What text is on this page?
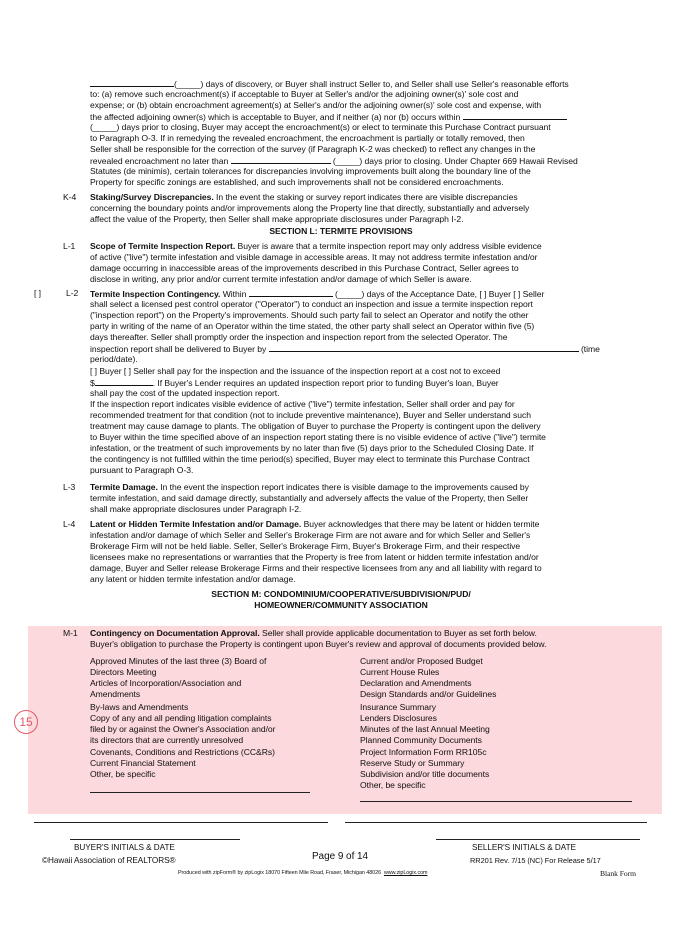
(_____) days of discovery, or Buyer shall instruct Seller to, and Seller shall use Seller's reasonable efforts
to: (a) remove such encroachment(s) if acceptable to Buyer at Seller's and/or the adjoining owner(s)' sole cost and
expense; or (b) obtain encroachment agreement(s) at Seller's and/or the adjoining owner(s)' sole cost and expense, with
the affected adjoining owner(s) which is acceptable to Buyer, and if neither (a) nor (b) occurs within
(_____) days prior to closing, Buyer may accept the encroachment(s) or elect to terminate this Purchase Contract pursuant
to Paragraph O-3. If in remedying the revealed encroachment, the encroachment is partially or totally removed, then
Seller shall be responsible for the correction of the survey (if Paragraph K-2 was checked) to reflect any changes in the
revealed encroachment no later than	(_____) days prior to closing. Under Chapter 669 Hawaii Revised
Statutes (de minimis), certain tolerances for discrepancies involving improvements built along the boundary line of the
Property for specific zonings are established, and such improvements shall not be considered encroachments.
K-4 Staking/Survey Discrepancies. In the event the staking or survey report indicates there are visible discrepancies
concerning the boundary points and/or improvements along the Property line that directly, substantially and adversely
affect the value of the Property, then Seller shall make appropriate disclosures under Paragraph I-2.
SECTION L: TERMITE PROVISIONS
L-1 Scope of Termite Inspection Report. Buyer is aware that a termite inspection report may only address visible evidence
of active ("live") termite infestation and visible damage in accessible areas. It may not address termite infestation and/or
damage occurring in inaccessible areas of the improvements described in this Purchase Contract, Seller agrees to
disclose in writing, any prior and/or current termite infestation and/or damage of which Seller is aware.
[ ]	L-2 Termite Inspection Contingency. Within	(_____) days of the Acceptance Date, [ ] Buyer [ ] Seller
shall select a licensed pest control operator ("Operator") to conduct an inspection and issue a termite inspection report
("inspection report") on the Property's improvements. Should such party fail to select an Operator and notify the other
party in writing of the name of an Operator within the time stated, the other party shall select an Operator within five (5)
days thereafter. Seller shall promptly order the inspection and inspection report from the selected Operator. The
inspection report shall be delivered to Buyer by	(time
period/date).
[ ] Buyer [ ] Seller shall pay for the inspection and the issuance of the inspection report at a cost not to exceed
$	. If Buyer's Lender requires an updated inspection report prior to funding Buyer's loan, Buyer
shall pay the cost of the updated inspection report.
If the inspection report indicates visible evidence of active ("live") termite infestation, Seller shall order and pay for
recommended treatment for that condition (not to include preventive maintenance), Buyer and Seller understand such
treatment may cause damage to plants. The obligation of Buyer to purchase the Property is contingent upon the delivery
to Buyer within the time specified above of an inspection report stating there is no visible evidence of active ("live") termite
infestation, or the treatment of such improvements by no later than five (5) days prior to the Scheduled Closing Date. If
the contingency is not fulfilled within the time period(s) specified, Buyer may elect to terminate this Purchase Contract
pursuant to Paragraph O-3.
L-3 Termite Damage. In the event the inspection report indicates there is visible damage to the improvements caused by
termite infestation, and said damage directly, substantially and adversely affects the value of the Property, then Seller
shall make appropriate disclosures under Paragraph I-2.
L-4 Latent or Hidden Termite Infestation and/or Damage. Buyer acknowledges that there may be latent or hidden termite
infestation and/or damage of which Seller and Seller's Brokerage Firm are not aware and for which Seller and Seller's
Brokerage Firm will not be held liable. Seller, Seller's Brokerage Firm, Buyer's Brokerage Firm, and their respective
licensees make no representations or warranties that the Property is free from latent or hidden termite infestation and/or
damage, Buyer and Seller release Brokerage Firms and their respective licensees from any and all liability with regard to
any latent or hidden termite infestation and/or damage.
SECTION M: CONDOMINIUM/COOPERATIVE/SUBDIVISION/PUD/
HOMEOWNER/COMMUNITY ASSOCIATION
15
M-1 Contingency on Documentation Approval. Seller shall provide applicable documentation to Buyer as set forth below.
Buyer's obligation to purchase the Property is contingent upon Buyer's review and approval of documents provided below.
Approved Minutes of the last three (3) Board of
Directors Meeting
Articles of Incorporation/Association and
Amendments
By-laws and Amendments
Copy of any and all pending litigation complaints
filed by or against the Owner's Association and/or
its directors that are currently unresolved
Covenants, Conditions and Restrictions (CC&Rs)
Current Financial Statement
Other, be specific
Current and/or Proposed Budget
Current House Rules
Declaration and Amendments
Design Standards and/or Guidelines
Insurance Summary
Lenders Disclosures
Minutes of the last Annual Meeting
Planned Community Documents
Project Information Form RR105c
Reserve Study or Summary
Subdivision and/or title documents
Other, be specific
BUYER'S INITIALS & DATE	SELLER'S INITIALS & DATE
©Hawaii Association of REALTORS®	Page 9 of 14	RR201 Rev. 7/15 (NC) For Release 5/17
Produced with zipForm® by zipLogix 18070 Fifteen Mile Road, Fraser, Michigan 48026 www.zipLogix.com	Blank Form
